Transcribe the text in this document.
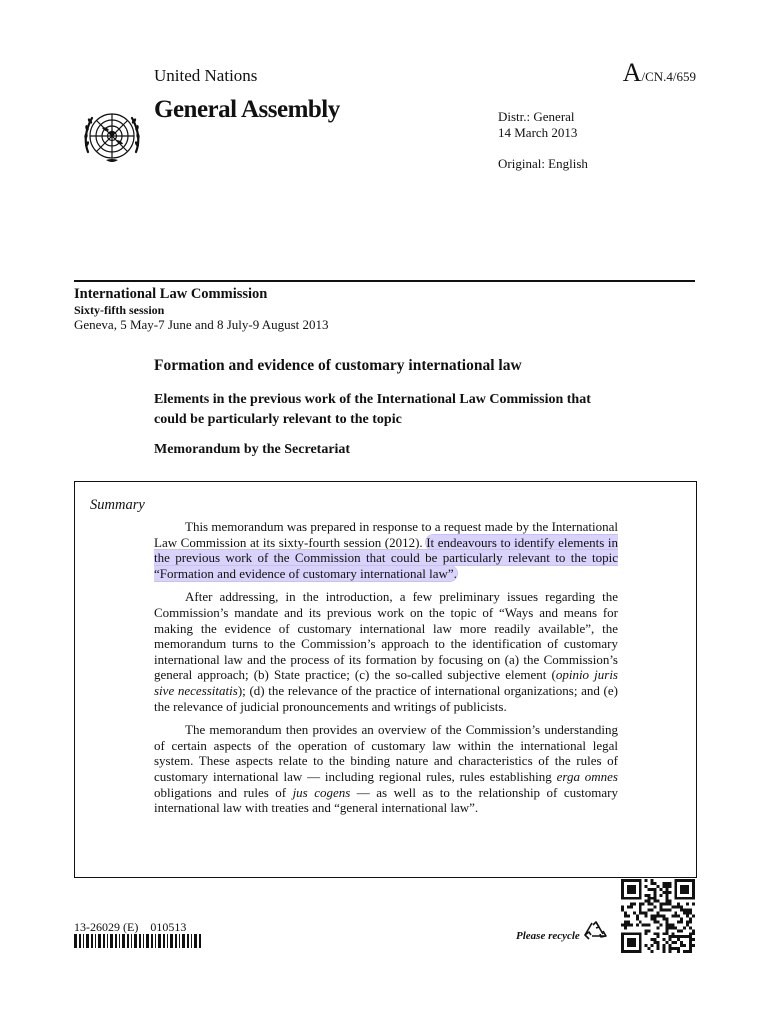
United Nations	A/CN.4/659
General Assembly	Distr.: General
14 March 2013
Original: English
International Law Commission
Sixty-fifth session
Geneva, 5 May-7 June and 8 July-9 August 2013
Formation and evidence of customary international law
Elements in the previous work of the International Law Commission that could be particularly relevant to the topic
Memorandum by the Secretariat
Summary

This memorandum was prepared in response to a request made by the International Law Commission at its sixty-fourth session (2012). It endeavours to identify elements in the previous work of the Commission that could be particularly relevant to the topic “Formation and evidence of customary international law”.

After addressing, in the introduction, a few preliminary issues regarding the Commission’s mandate and its previous work on the topic of “Ways and means for making the evidence of customary international law more readily available”, the memorandum turns to the Commission’s approach to the identification of customary international law and the process of its formation by focusing on (a) the Commission’s general approach; (b) State practice; (c) the so-called subjective element (opinio juris sive necessitatis); (d) the relevance of the practice of international organizations; and (e) the relevance of judicial pronouncements and writings of publicists.

The memorandum then provides an overview of the Commission’s understanding of certain aspects of the operation of customary law within the international legal system. These aspects relate to the binding nature and characteristics of the rules of customary international law — including regional rules, rules establishing erga omnes obligations and rules of jus cogens — as well as to the relationship of customary international law with treaties and “general international law”.

13-26029 (E)    010513
Please recycle
